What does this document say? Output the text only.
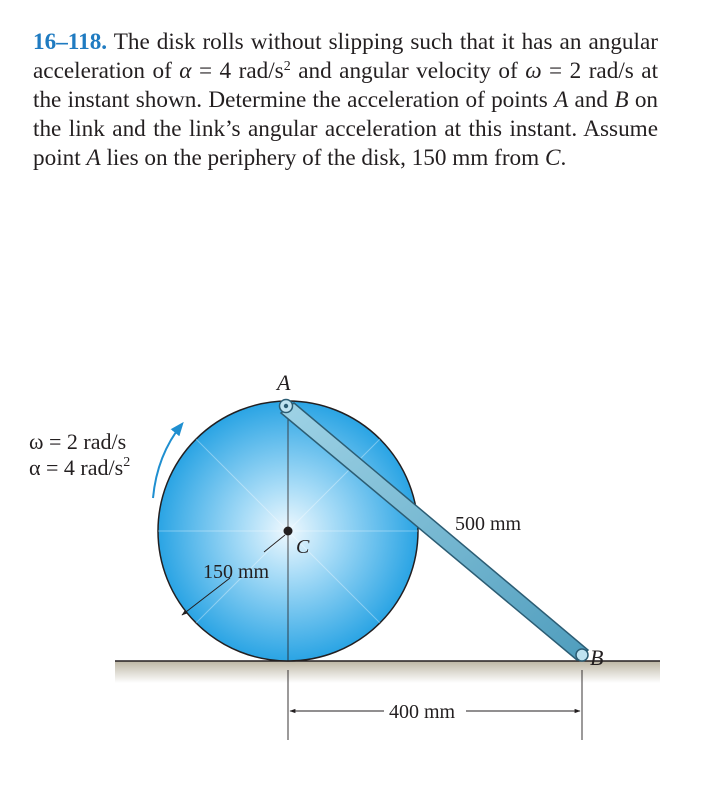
16–118. The disk rolls without slipping such that it has an angular acceleration of α = 4 rad/$s^2$ and angular velocity of ω = 2 rad/s at the instant shown. Determine the acceleration of points A and B on the link and the link’s angular acceleration at this instant. Assume point A lies on the periphery of the disk, 150 mm from C.
A
B
C
ω = 2 rad/s
α = 4 rad/$s^2$
150 mm
500 mm
400 mm
